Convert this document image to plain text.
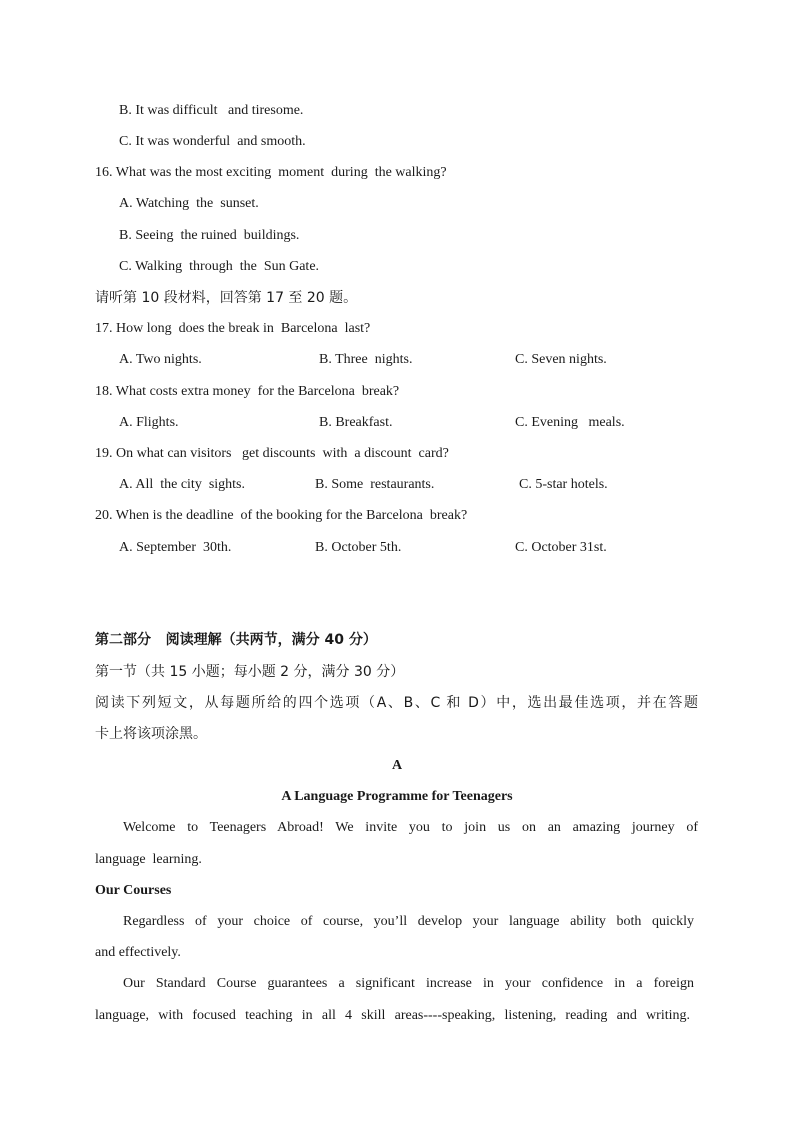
B. It was difficult   and tiresome.
C. It was wonderful  and smooth.
16. What was the most exciting  moment  during  the walking?
A. Watching  the  sunset.
B. Seeing  the ruined  buildings.
C. Walking  through  the  Sun Gate.
请听第 10 段材料，回答第 17 至 20 题。
17. How long  does the break in  Barcelona  last?
A. Two nights.	B. Three  nights.	C. Seven nights.
18. What costs extra money  for the Barcelona  break?
A. Flights.	B. Breakfast.	C. Evening   meals.
19. On what can visitors   get discounts  with  a discount  card?
A. All  the city  sights.	B. Some  restaurants.	C. 5-star hotels.
20. When is the deadline  of the booking for the Barcelona  break?
A. September  30th.	B. October 5th.	C. October 31st.
第二部分   阅读理解（共两节，满分 40 分）
第一节（共 15 小题；每小题 2 分，满分 30 分）
阅读下列短文，从每题所给的四个选项（A、B、C 和 D）中，选出最佳选项，并在答题
卡上将该项涂黑。
A
A Language Programme for Teenagers
Welcome to Teenagers Abroad! We invite you to join us on an amazing journey of
language  learning.
Our Courses
Regardless of your choice of course, you’ll develop your language ability both quickly
and effectively.
Our Standard Course guarantees a significant increase in your confidence in a foreign
language, with focused teaching in all 4 skill areas----speaking, listening, reading and writing.
